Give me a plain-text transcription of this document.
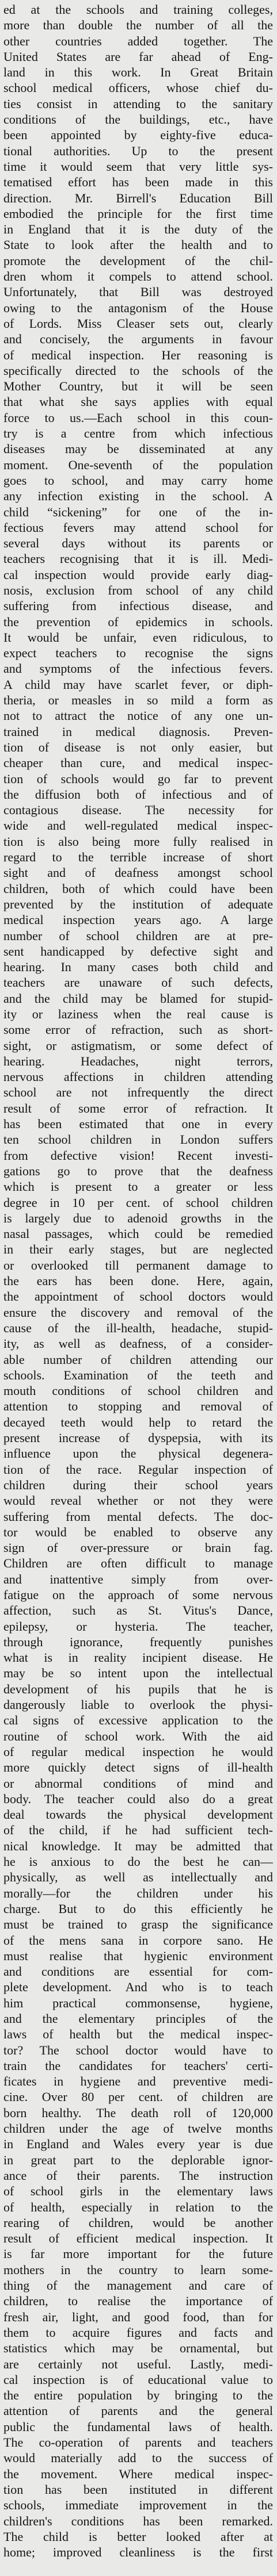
ed at the schools and training colleges,
more than double the number of all the
other countries added together. The
United States are far ahead of Eng-
land in this work. In Great Britain
school medical officers, whose chief du-
ties consist in attending to the sanitary
conditions of the buildings, etc., have
been appointed by eighty-five educa-
tional authorities. Up to the present
time it would seem that very little sys-
tematised effort has been made in this
direction. Mr. Birrell's Education Bill
embodied the principle for the first time
in England that it is the duty of the
State to look after the health and to
promote the development of the chil-
dren whom it compels to attend school.
Unfortunately, that Bill was destroyed
owing to the antagonism of the House
of Lords. Miss Cleaser sets out, clearly
and concisely, the arguments in favour
of medical inspection. Her reasoning is
specifically directed to the schools of the
Mother Country, but it will be seen
that what she says applies with equal
force to us.—Each school in this coun-
try is a centre from which infectious
diseases may be disseminated at any
moment. One-seventh of the population
goes to school, and may carry home
any infection existing in the school. A
child “sickening” for one of the in-
fectious fevers may attend school for
several days without its parents or
teachers recognising that it is ill. Medi-
cal inspection would provide early diag-
nosis, exclusion from school of any child
suffering from infectious disease, and
the prevention of epidemics in schools.
It would be unfair, even ridiculous, to
expect teachers to recognise the signs
and symptoms of the infectious fevers.
A child may have scarlet fever, or diph-
theria, or measles in so mild a form as
not to attract the notice of any one un-
trained in medical diagnosis. Preven-
tion of disease is not only easier, but
cheaper than cure, and medical inspec-
tion of schools would go far to prevent
the diffusion both of infectious and of
contagious disease. The necessity for
wide and well-regulated medical inspec-
tion is also being more fully realised in
regard to the terrible increase of short
sight and of deafness amongst school
children, both of which could have been
prevented by the institution of adequate
medical inspection years ago. A large
number of school children are at pre-
sent handicapped by defective sight and
hearing. In many cases both child and
teachers are unaware of such defects,
and the child may be blamed for stupid-
ity or laziness when the real cause is
some error of refraction, such as short-
sight, or astigmatism, or some defect of
hearing. Headaches, night terrors,
nervous affections in children attending
school are not infrequently the direct
result of some error of refraction. It
has been estimated that one in every
ten school children in London suffers
from defective vision! Recent investi-
gations go to prove that the deafness
which is present to a greater or less
degree in 10 per cent. of school children
is largely due to adenoid growths in the
nasal passages, which could be remedied
in their early stages, but are neglected
or overlooked till permanent damage to
the ears has been done. Here, again,
the appointment of school doctors would
ensure the discovery and removal of the
cause of the ill-health, headache, stupid-
ity, as well as deafness, of a consider-
able number of children attending our
schools. Examination of the teeth and
mouth conditions of school children and
attention to stopping and removal of
decayed teeth would help to retard the
present increase of dyspepsia, with its
influence upon the physical degenera-
tion of the race. Regular inspection of
children during their school years
would reveal whether or not they were
suffering from mental defects. The doc-
tor would be enabled to observe any
sign of over-pressure or brain fag.
Children are often difficult to manage
and inattentive simply from over-
fatigue on the approach of some nervous
affection, such as St. Vitus's Dance,
epilepsy, or hysteria. The teacher,
through ignorance, frequently punishes
what is in reality incipient disease. He
may be so intent upon the intellectual
development of his pupils that he is
dangerously liable to overlook the physi-
cal signs of excessive application to the
routine of school work. With the aid
of regular medical inspection he would
more quickly detect signs of ill-health
or abnormal conditions of mind and
body. The teacher could also do a great
deal towards the physical development
of the child, if he had sufficient tech-
nical knowledge. It may be admitted that
he is anxious to do the best he can—
physically, as well as intellectually and
morally—for the children under his
charge. But to do this efficiently he
must be trained to grasp the significance
of the mens sana in corpore sano. He
must realise that hygienic environment
and conditions are essential for com-
plete development. And who is to teach
him practical commonsense, hygiene,
and the elementary principles of the
laws of health but the medical inspec-
tor? The school doctor would have to
train the candidates for teachers' certi-
ficates in hygiene and preventive medi-
cine. Over 80 per cent. of children are
born healthy. The death roll of 120,000
children under the age of twelve months
in England and Wales every year is due
in great part to the deplorable ignor-
ance of their parents. The instruction
of school girls in the elementary laws
of health, especially in relation to the
rearing of children, would be another
result of efficient medical inspection. It
is far more important for the future
mothers in the country to learn some-
thing of the management and care of
children, to realise the importance of
fresh air, light, and good food, than for
them to acquire figures and facts and
statistics which may be ornamental, but
are certainly not useful. Lastly, medi-
cal inspection is of educational value to
the entire population by bringing to the
attention of parents and the general
public the fundamental laws of health.
The co-operation of parents and teachers
would materially add to the success of
the movement. Where medical inspec-
tion has been instituted in different
schools, immediate improvement in the
children's conditions has been remarked.
The child is better looked after at
home; improved cleanliness is the first
